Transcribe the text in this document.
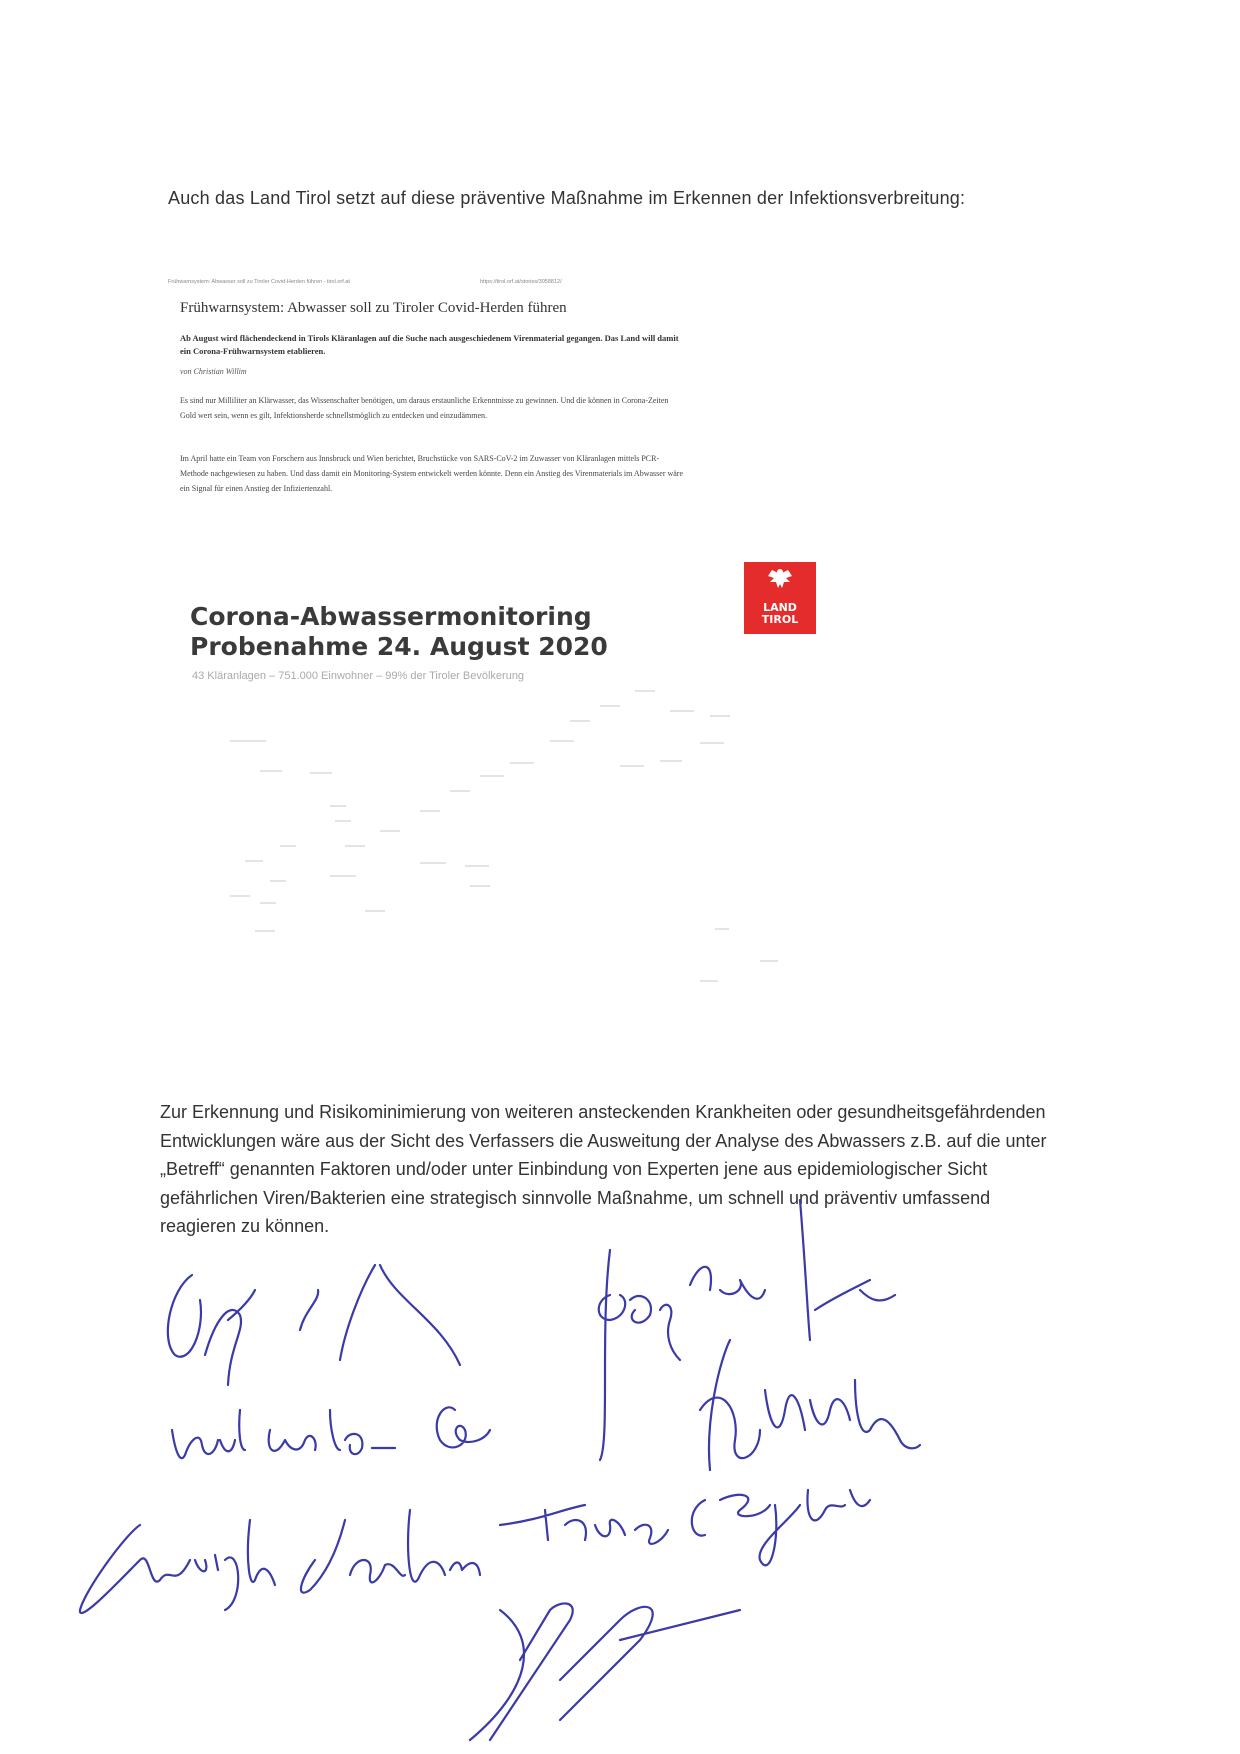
Auch das Land Tirol setzt auf diese präventive Maßnahme im Erkennen der Infektionsverbreitung:
Frühwarnsystem: Abwasser soll zu Tiroler Covid-Herden führen - tirol.orf.at	https://tirol.orf.at/stories/3058812/
Frühwarnsystem: Abwasser soll zu Tiroler Covid-Herden führen
Ab August wird flächendeckend in Tirols Kläranlagen auf die Suche nach ausgeschiedenem Virenmaterial gegangen. Das Land will damit ein Corona-Frühwarnsystem etablieren.
von Christian Willim
Es sind nur Milliliter an Klärwasser, das Wissenschafter benötigen, um daraus erstaunliche Erkenntnisse zu gewinnen. Und die können in Corona-Zeiten Gold wert sein, wenn es gilt, Infektionsherde schnellstmöglich zu entdecken und einzudämmen.
Im April hatte ein Team von Forschern aus Innsbruck und Wien berichtet, Bruchstücke von SARS-CoV-2 im Zuwasser von Kläranlagen mittels PCR-Methode nachgewiesen zu haben. Und dass damit ein Monitoring-System entwickelt werden könnte. Denn ein Anstieg des Virenmaterials im Abwasser wäre ein Signal für einen Anstieg der Infiziertenzahl.
Corona-Abwassermonitoring
Probenahme 24. August 2020
43 Kläranlagen – 751.000 Einwohner – 99% der Tiroler Bevölkerung
LAND
TIROL
Zur Erkennung und Risikominimierung von weiteren ansteckenden Krankheiten oder gesundheitsgefährdenden Entwicklungen wäre aus der Sicht des Verfassers die Ausweitung der Analyse des Abwassers z.B. auf die unter „Betreff“ genannten Faktoren und/oder unter Einbindung von Experten jene aus epidemiologischer Sicht gefährlichen Viren/Bakterien eine strategisch sinnvolle Maßnahme, um schnell und präventiv umfassend reagieren zu können.
